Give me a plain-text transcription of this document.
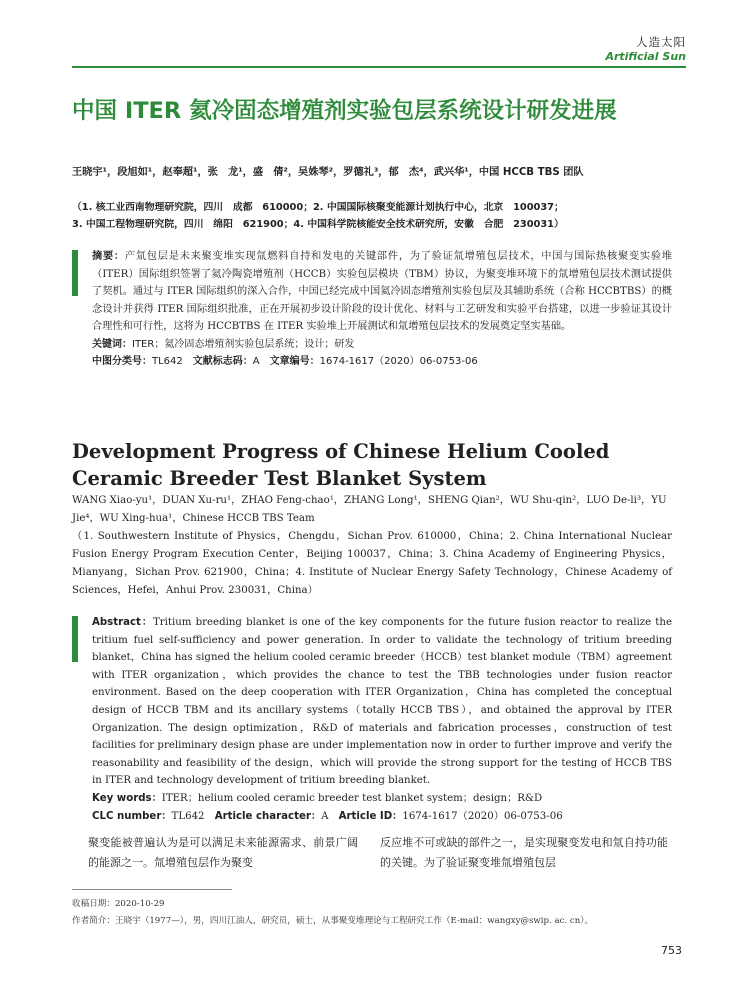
人造太阳
Artificial Sun
中国 ITER 氦冷固态增殖剂实验包层系统设计研发进展
王晓宇¹，段旭如¹，赵奉超¹，张　龙¹，盛　倩²，吴姝琴²，罗德礼³，郁　杰⁴，武兴华¹，中国 HCCB TBS 团队
（1. 核工业西南物理研究院，四川　成都　610000；2. 中国国际核聚变能源计划执行中心，北京　100037；
3. 中国工程物理研究院，四川　绵阳　621900；4. 中国科学院核能安全技术研究所，安徽　合肥　230031）
摘要：产氚包层是未来聚变堆实现氚燃料自持和发电的关键部件，为了验证氚增殖包层技术，中国与国际热核聚变实验堆（ITER）国际组织签署了氦冷陶瓷增殖剂（HCCB）实验包层模块（TBM）协议，为聚变堆环境下的氚增殖包层技术测试提供了契机。通过与 ITER 国际组织的深入合作，中国已经完成中国氦冷固态增殖剂实验包层及其辅助系统（合称 HCCBTBS）的概念设计并获得 ITER 国际组织批准，正在开展初步设计阶段的设计优化、材料与工艺研发和实验平台搭建，以进一步验证其设计合理性和可行性，这将为 HCCBTBS 在 ITER 实验堆上开展测试和氚增殖包层技术的发展奠定坚实基础。
关键词：ITER；氦冷固态增殖剂实验包层系统；设计；研发
中图分类号：TL642　 文献标志码：A　 文章编号：1674-1617（2020）06-0753-06
Development Progress of Chinese Helium Cooled Ceramic Breeder Test Blanket System
WANG Xiao-yu¹，DUAN Xu-ru¹，ZHAO Feng-chao¹，ZHANG Long¹，SHENG Qian²，WU Shu-qin²，LUO De-li³，YU Jie⁴，WU Xing-hua¹，Chinese HCCB TBS Team
（1. Southwestern Institute of Physics，Chengdu，Sichan Prov. 610000，China；2. China International Nuclear Fusion Energy Program Execution Center，Beijing 100037，China；3. China Academy of Engineering Physics，Mianyang，Sichan Prov. 621900，China；4. Institute of Nuclear Energy Safety Technology，Chinese Academy of Sciences，Hefei，Anhui Prov. 230031，China）
Abstract：Tritium breeding blanket is one of the key components for the future fusion reactor to realize the tritium fuel self-sufficiency and power generation. In order to validate the technology of tritium breeding blanket，China has signed the helium cooled ceramic breeder（HCCB）test blanket module（TBM）agreement with ITER organization，which provides the chance to test the TBB technologies under fusion reactor environment. Based on the deep cooperation with ITER Organization，China has completed the conceptual design of HCCB TBM and its ancillary systems（totally HCCB TBS），and obtained the approval by ITER Organization. The design optimization，R&D of materials and fabrication processes，construction of test facilities for preliminary design phase are under implementation now in order to further improve and verify the reasonability and feasibility of the design，which will provide the strong support for the testing of HCCB TBS in ITER and technology development of tritium breeding blanket.
Key words：ITER；helium cooled ceramic breeder test blanket system；design；R&D
CLC number：TL642　 Article character：A　 Article ID：1674-1617（2020）06-0753-06
聚变能被普遍认为是可以满足未来能源需求、前景广阔的能源之一。氚增殖包层作为聚变
反应堆不可或缺的部件之一，是实现聚变发电和氚自持功能的关键。为了验证聚变堆氚增殖包层
收稿日期：2020-10-29
作者简介：王晓宇（1977—），男，四川江油人，研究员，硕士，从事聚变堆理论与工程研究工作（E-mail：wangxy@swip. ac. cn）。
753
